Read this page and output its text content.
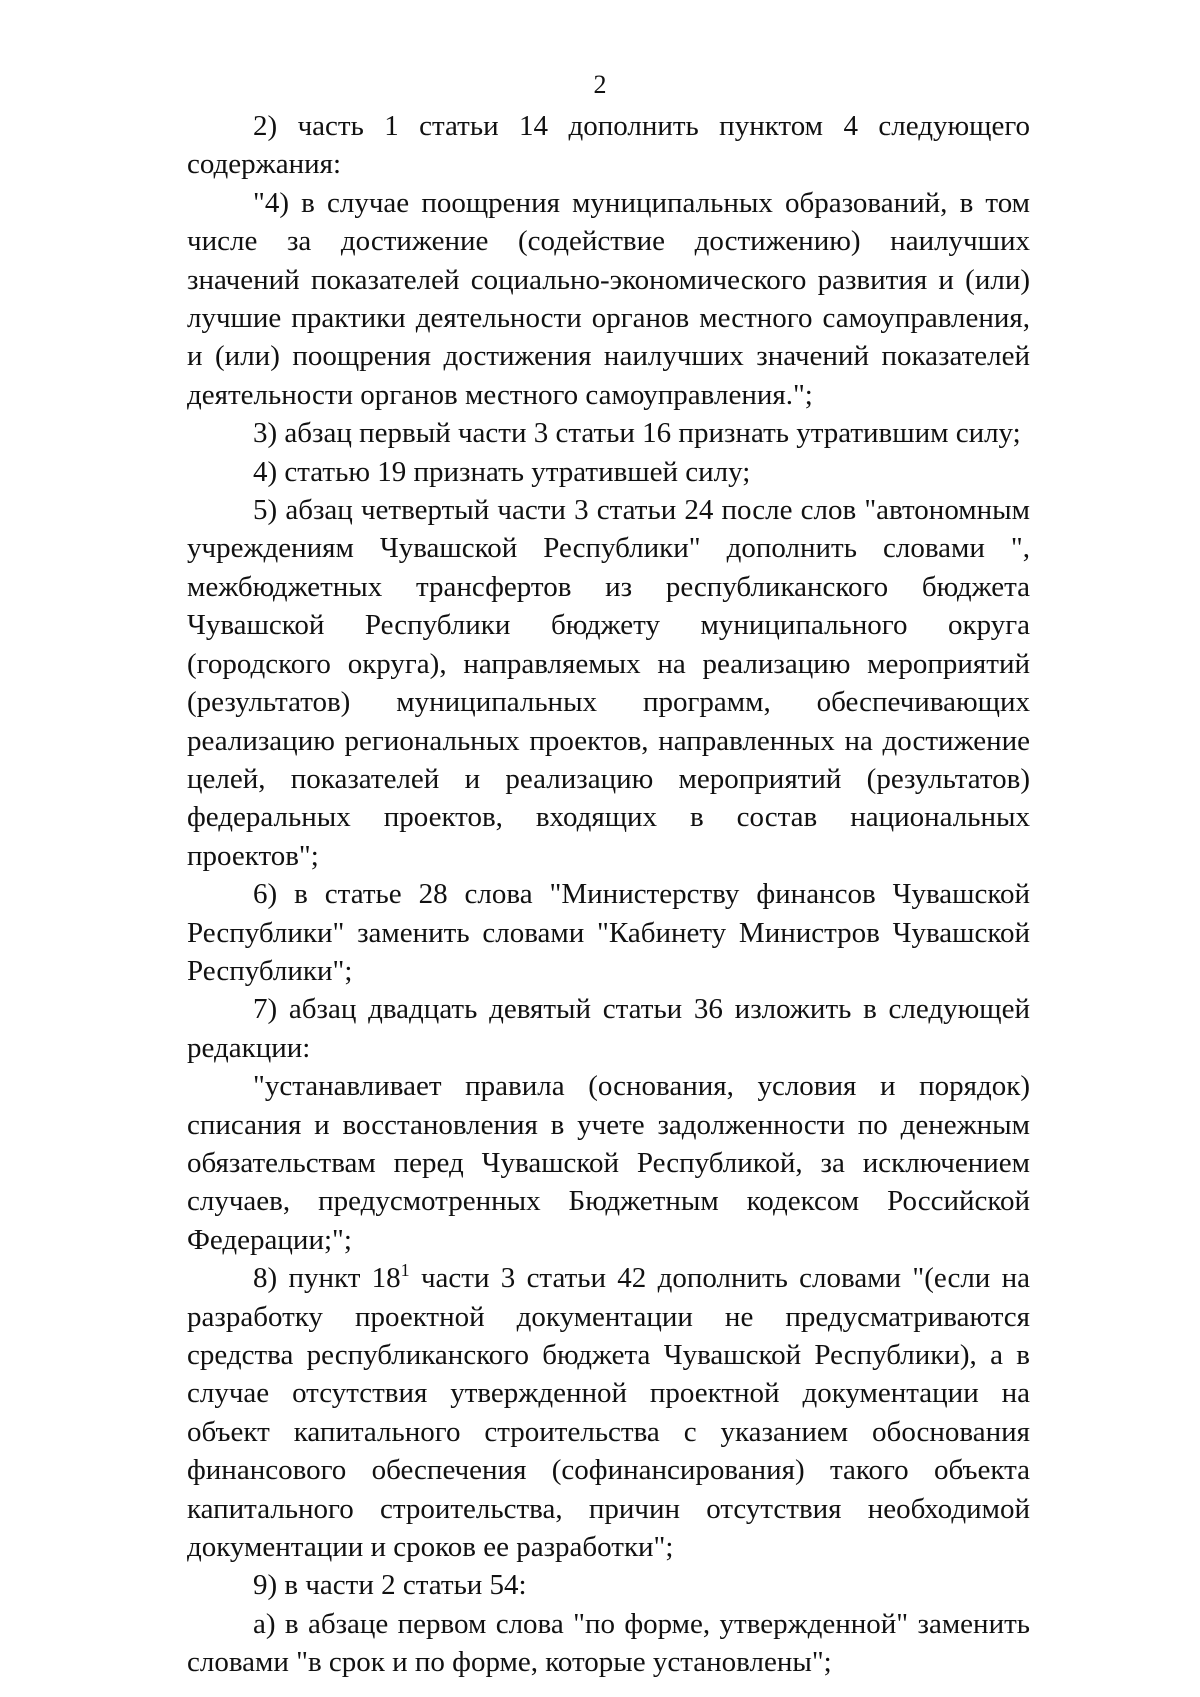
2

2) часть 1 статьи 14 дополнить пунктом 4 следующего содержания:

"4) в случае поощрения муниципальных образований, в том числе за достижение (содействие достижению) наилучших значений показателей социально-экономического развития и (или) лучшие практики деятельности органов местного самоуправления, и (или) поощрения достижения наилучших значений показателей деятельности органов местного самоуправления.";

3) абзац первый части 3 статьи 16 признать утратившим силу;

4) статью 19 признать утратившей силу;

5) абзац четвертый части 3 статьи 24 после слов "автономным учреждениям Чувашской Республики" дополнить словами ", межбюджетных трансфертов из республиканского бюджета Чувашской Республики бюджету муниципального округа (городского округа), направляемых на реализацию мероприятий (результатов) муниципальных программ, обеспечивающих реализацию региональных проектов, направленных на достижение целей, показателей и реализацию мероприятий (результатов) федеральных проектов, входящих в состав национальных проектов";

6) в статье 28 слова "Министерству финансов Чувашской Республики" заменить словами "Кабинету Министров Чувашской Республики";

7) абзац двадцать девятый статьи 36 изложить в следующей редакции:

"устанавливает правила (основания, условия и порядок) списания и восстановления в учете задолженности по денежным обязательствам перед Чувашской Республикой, за исключением случаев, предусмотренных Бюджетным кодексом Российской Федерации;";

8) пункт $18^1$ части 3 статьи 42 дополнить словами "(если на разработку проектной документации не предусматриваются средства республиканского бюджета Чувашской Республики), а в случае отсутствия утвержденной проектной документации на объект капитального строительства с указанием обоснования финансового обеспечения (софинансирования) такого объекта капитального строительства, причин отсутствия необходимой документации и сроков ее разработки";

9) в части 2 статьи 54:

а) в абзаце первом слова "по форме, утвержденной" заменить словами "в срок и по форме, которые установлены";
